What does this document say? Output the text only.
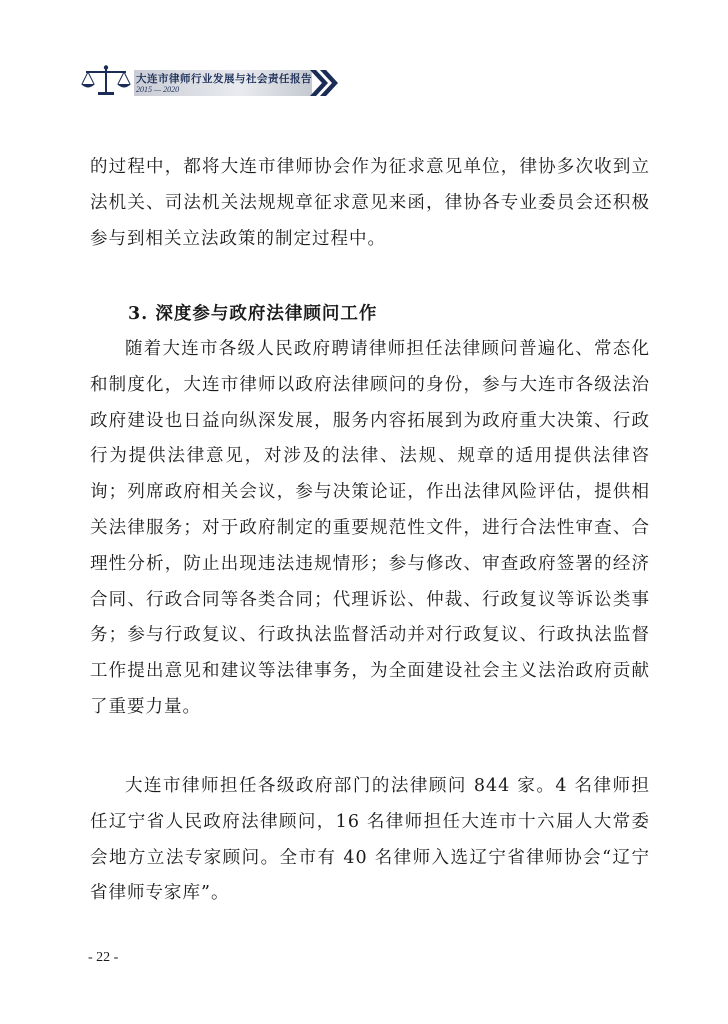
大连市律师行业发展与社会责任报告
2015 — 2020

的过程中，都将大连市律师协会作为征求意见单位，律协多次收到立法机关、司法机关法规规章征求意见来函，律协各专业委员会还积极参与到相关立法政策的制定过程中。

3. 深度参与政府法律顾问工作

随着大连市各级人民政府聘请律师担任法律顾问普遍化、常态化和制度化，大连市律师以政府法律顾问的身份，参与大连市各级法治政府建设也日益向纵深发展，服务内容拓展到为政府重大决策、行政行为提供法律意见，对涉及的法律、法规、规章的适用提供法律咨询；列席政府相关会议，参与决策论证，作出法律风险评估，提供相关法律服务；对于政府制定的重要规范性文件，进行合法性审查、合理性分析，防止出现违法违规情形；参与修改、审查政府签署的经济合同、行政合同等各类合同；代理诉讼、仲裁、行政复议等诉讼类事务；参与行政复议、行政执法监督活动并对行政复议、行政执法监督工作提出意见和建议等法律事务，为全面建设社会主义法治政府贡献了重要力量。

大连市律师担任各级政府部门的法律顾问 844 家。4 名律师担任辽宁省人民政府法律顾问，16 名律师担任大连市十六届人大常委会地方立法专家顾问。全市有 40 名律师入选辽宁省律师协会“辽宁省律师专家库”。

- 22 -
